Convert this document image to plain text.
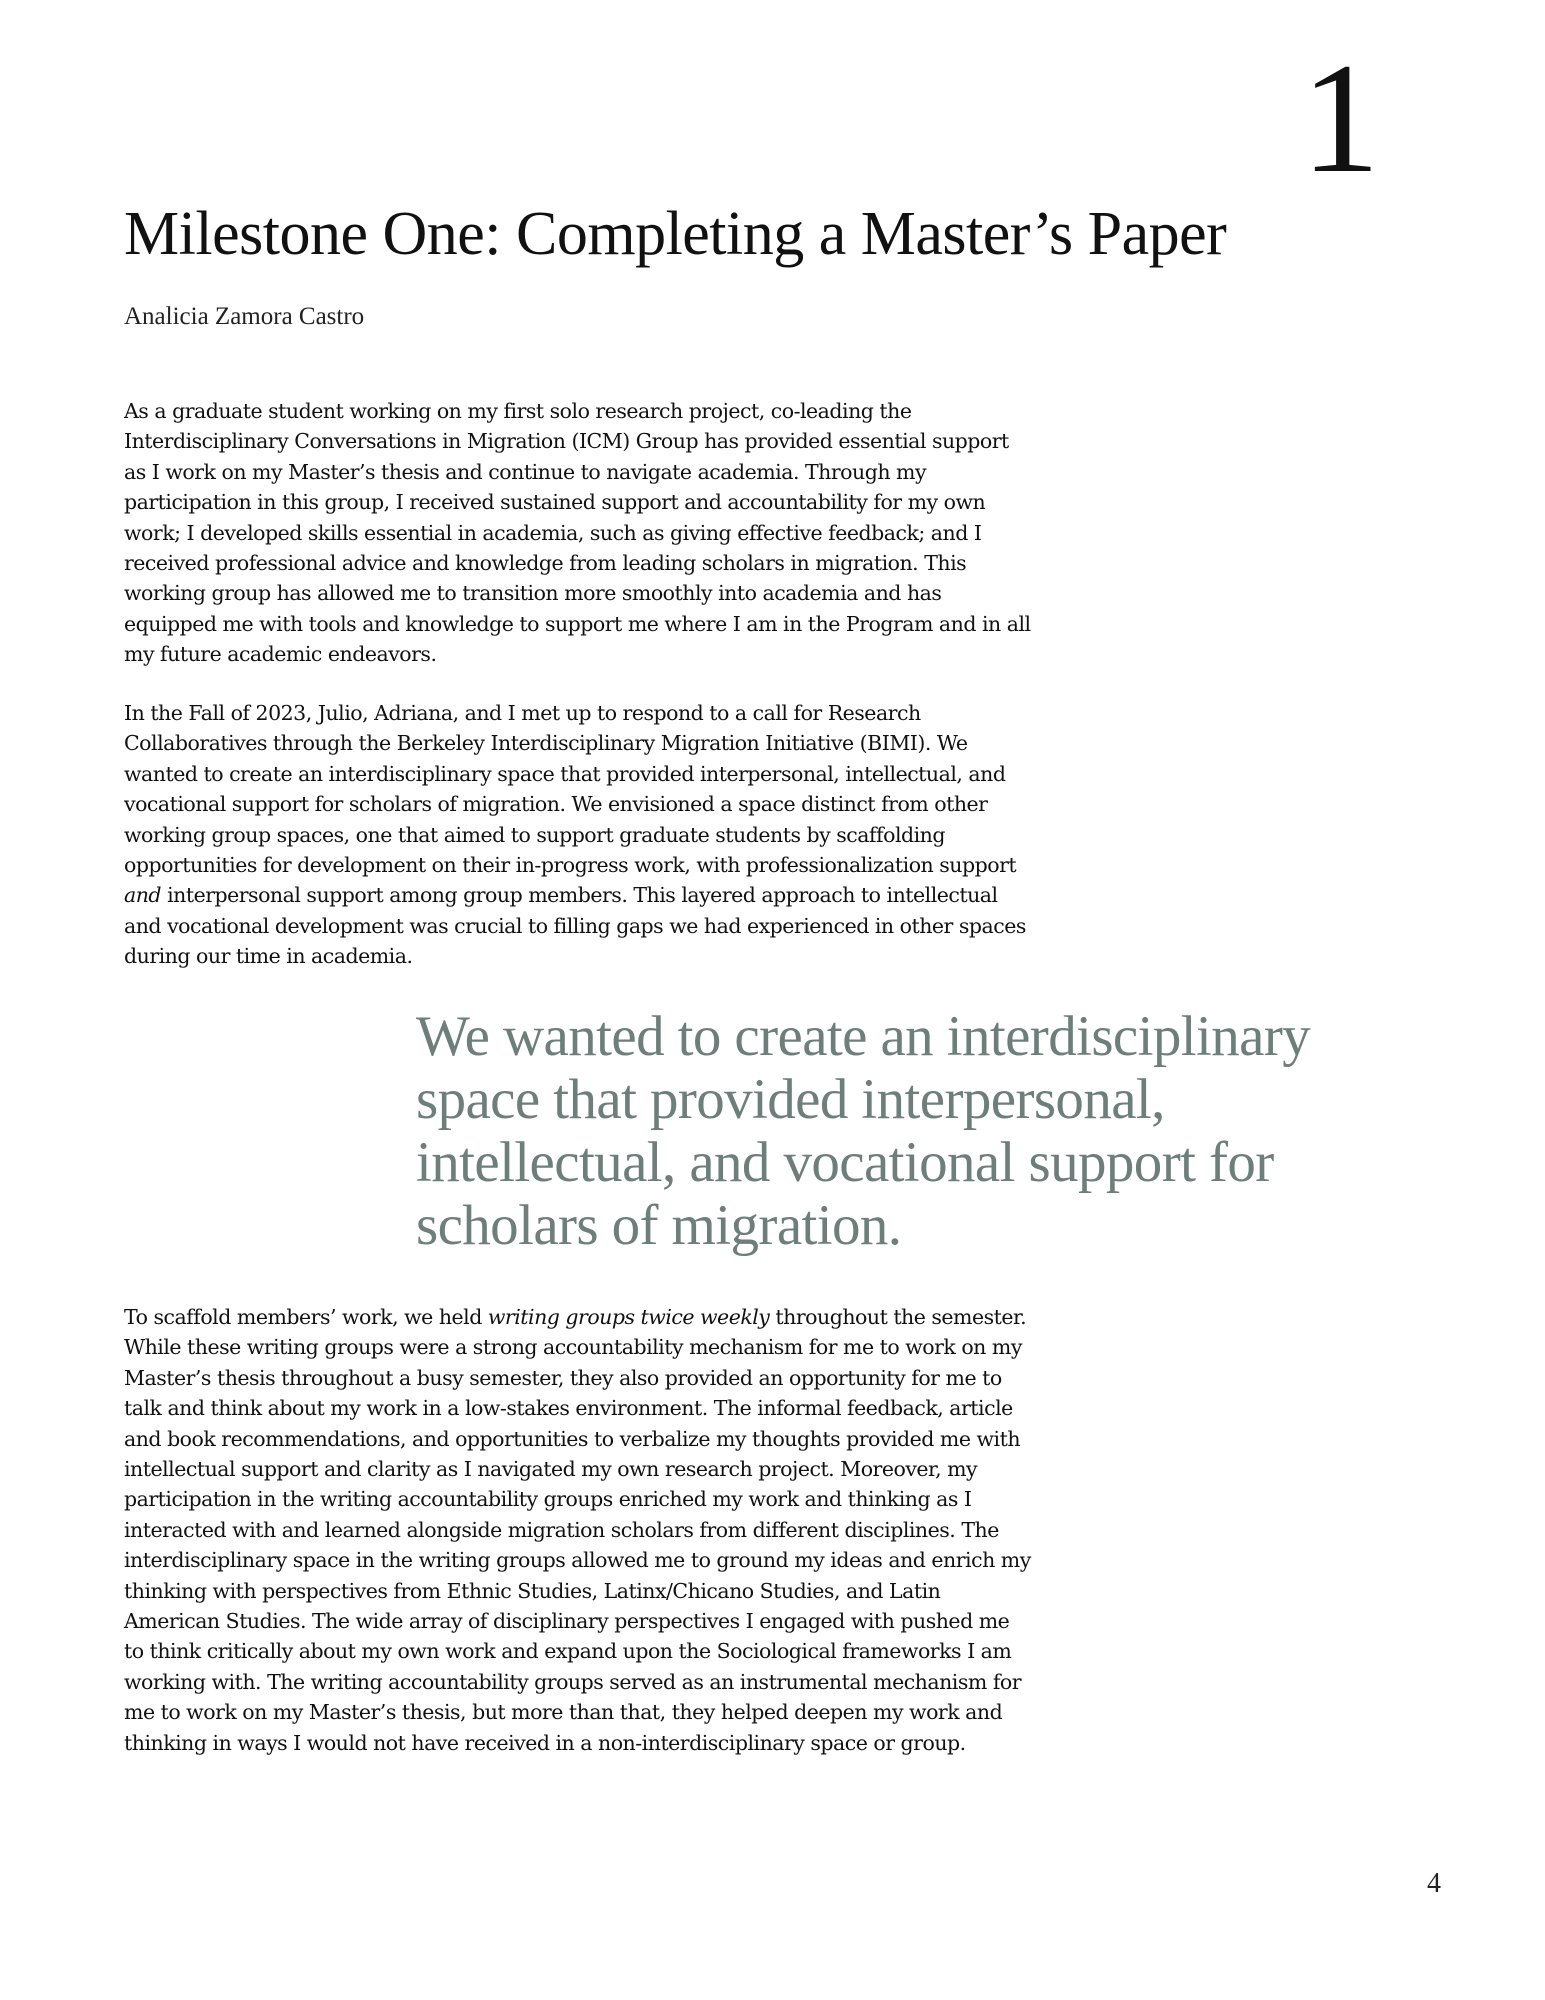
1
Milestone One: Completing a Master’s Paper
Analicia Zamora Castro

As a graduate student working on my first solo research project, co-leading the Interdisciplinary Conversations in Migration (ICM) Group has provided essential support as I work on my Master’s thesis and continue to navigate academia. Through my participation in this group, I received sustained support and accountability for my own work; I developed skills essential in academia, such as giving effective feedback; and I received professional advice and knowledge from leading scholars in migration. This working group has allowed me to transition more smoothly into academia and has equipped me with tools and knowledge to support me where I am in the Program and in all my future academic endeavors.

In the Fall of 2023, Julio, Adriana, and I met up to respond to a call for Research Collaboratives through the Berkeley Interdisciplinary Migration Initiative (BIMI). We wanted to create an interdisciplinary space that provided interpersonal, intellectual, and vocational support for scholars of migration. We envisioned a space distinct from other working group spaces, one that aimed to support graduate students by scaffolding opportunities for development on their in-progress work, with professionalization support and interpersonal support among group members. This layered approach to intellectual and vocational development was crucial to filling gaps we had experienced in other spaces during our time in academia.

We wanted to create an interdisciplinary space that provided interpersonal, intellectual, and vocational support for scholars of migration.

To scaffold members’ work, we held writing groups twice weekly throughout the semester. While these writing groups were a strong accountability mechanism for me to work on my Master’s thesis throughout a busy semester, they also provided an opportunity for me to talk and think about my work in a low-stakes environment. The informal feedback, article and book recommendations, and opportunities to verbalize my thoughts provided me with intellectual support and clarity as I navigated my own research project. Moreover, my participation in the writing accountability groups enriched my work and thinking as I interacted with and learned alongside migration scholars from different disciplines. The interdisciplinary space in the writing groups allowed me to ground my ideas and enrich my thinking with perspectives from Ethnic Studies, Latinx/Chicano Studies, and Latin American Studies. The wide array of disciplinary perspectives I engaged with pushed me to think critically about my own work and expand upon the Sociological frameworks I am working with. The writing accountability groups served as an instrumental mechanism for me to work on my Master’s thesis, but more than that, they helped deepen my work and thinking in ways I would not have received in a non-interdisciplinary space or group.

4
